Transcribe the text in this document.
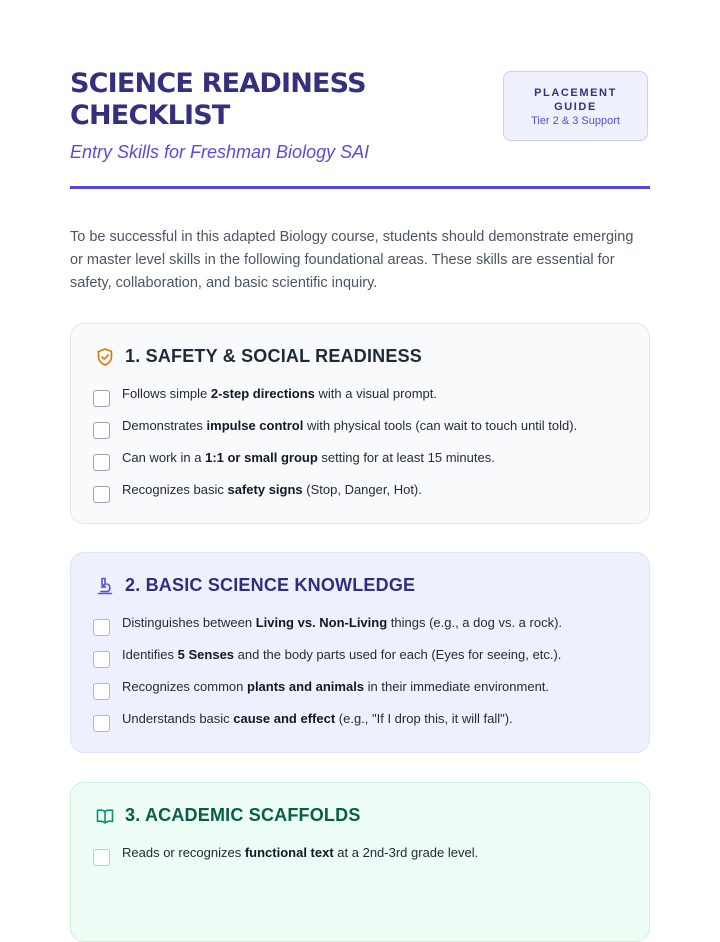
SCIENCE READINESS CHECKLIST

Entry Skills for Freshman Biology SAI

PLACEMENT GUIDE
Tier 2 & 3 Support

To be successful in this adapted Biology course, students should demonstrate emerging or master level skills in the following foundational areas. These skills are essential for safety, collaboration, and basic scientific inquiry.

1. SAFETY & SOCIAL READINESS
Follows simple 2-step directions with a visual prompt.
Demonstrates impulse control with physical tools (can wait to touch until told).
Can work in a 1:1 or small group setting for at least 15 minutes.
Recognizes basic safety signs (Stop, Danger, Hot).
2. BASIC SCIENCE KNOWLEDGE
Distinguishes between Living vs. Non-Living things (e.g., a dog vs. a rock).
Identifies 5 Senses and the body parts used for each (Eyes for seeing, etc.).
Recognizes common plants and animals in their immediate environment.
Understands basic cause and effect (e.g., "If I drop this, it will fall").
3. ACADEMIC SCAFFOLDS
Reads or recognizes functional text at a 2nd-3rd grade level.
